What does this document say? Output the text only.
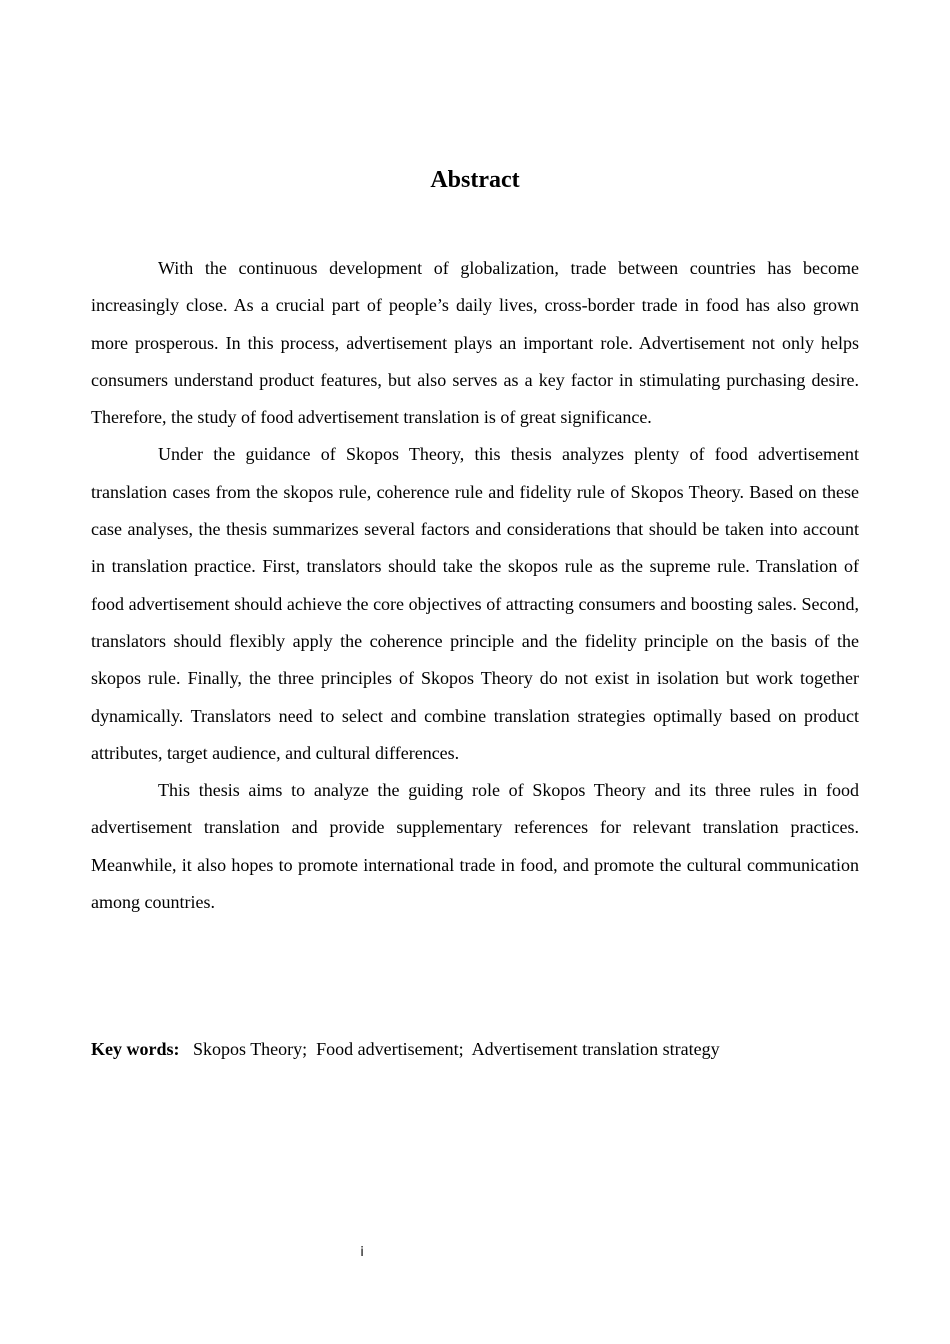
Abstract

With the continuous development of globalization, trade between countries has become increasingly close. As a crucial part of people’s daily lives, cross-border trade in food has also grown more prosperous. In this process, advertisement plays an important role. Advertisement not only helps consumers understand product features, but also serves as a key factor in stimulating purchasing desire. Therefore, the study of food advertisement translation is of great significance.

Under the guidance of Skopos Theory, this thesis analyzes plenty of food advertisement translation cases from the skopos rule, coherence rule and fidelity rule of Skopos Theory. Based on these case analyses, the thesis summarizes several factors and considerations that should be taken into account in translation practice. First, translators should take the skopos rule as the supreme rule. Translation of food advertisement should achieve the core objectives of attracting consumers and boosting sales. Second, translators should flexibly apply the coherence principle and the fidelity principle on the basis of the skopos rule. Finally, the three principles of Skopos Theory do not exist in isolation but work together dynamically. Translators need to select and combine translation strategies optimally based on product attributes, target audience, and cultural differences.

This thesis aims to analyze the guiding role of Skopos Theory and its three rules in food advertisement translation and provide supplementary references for relevant translation practices. Meanwhile, it also hopes to promote international trade in food, and promote the cultural communication among countries.

Key words: Skopos Theory; Food advertisement; Advertisement translation strategy
i
